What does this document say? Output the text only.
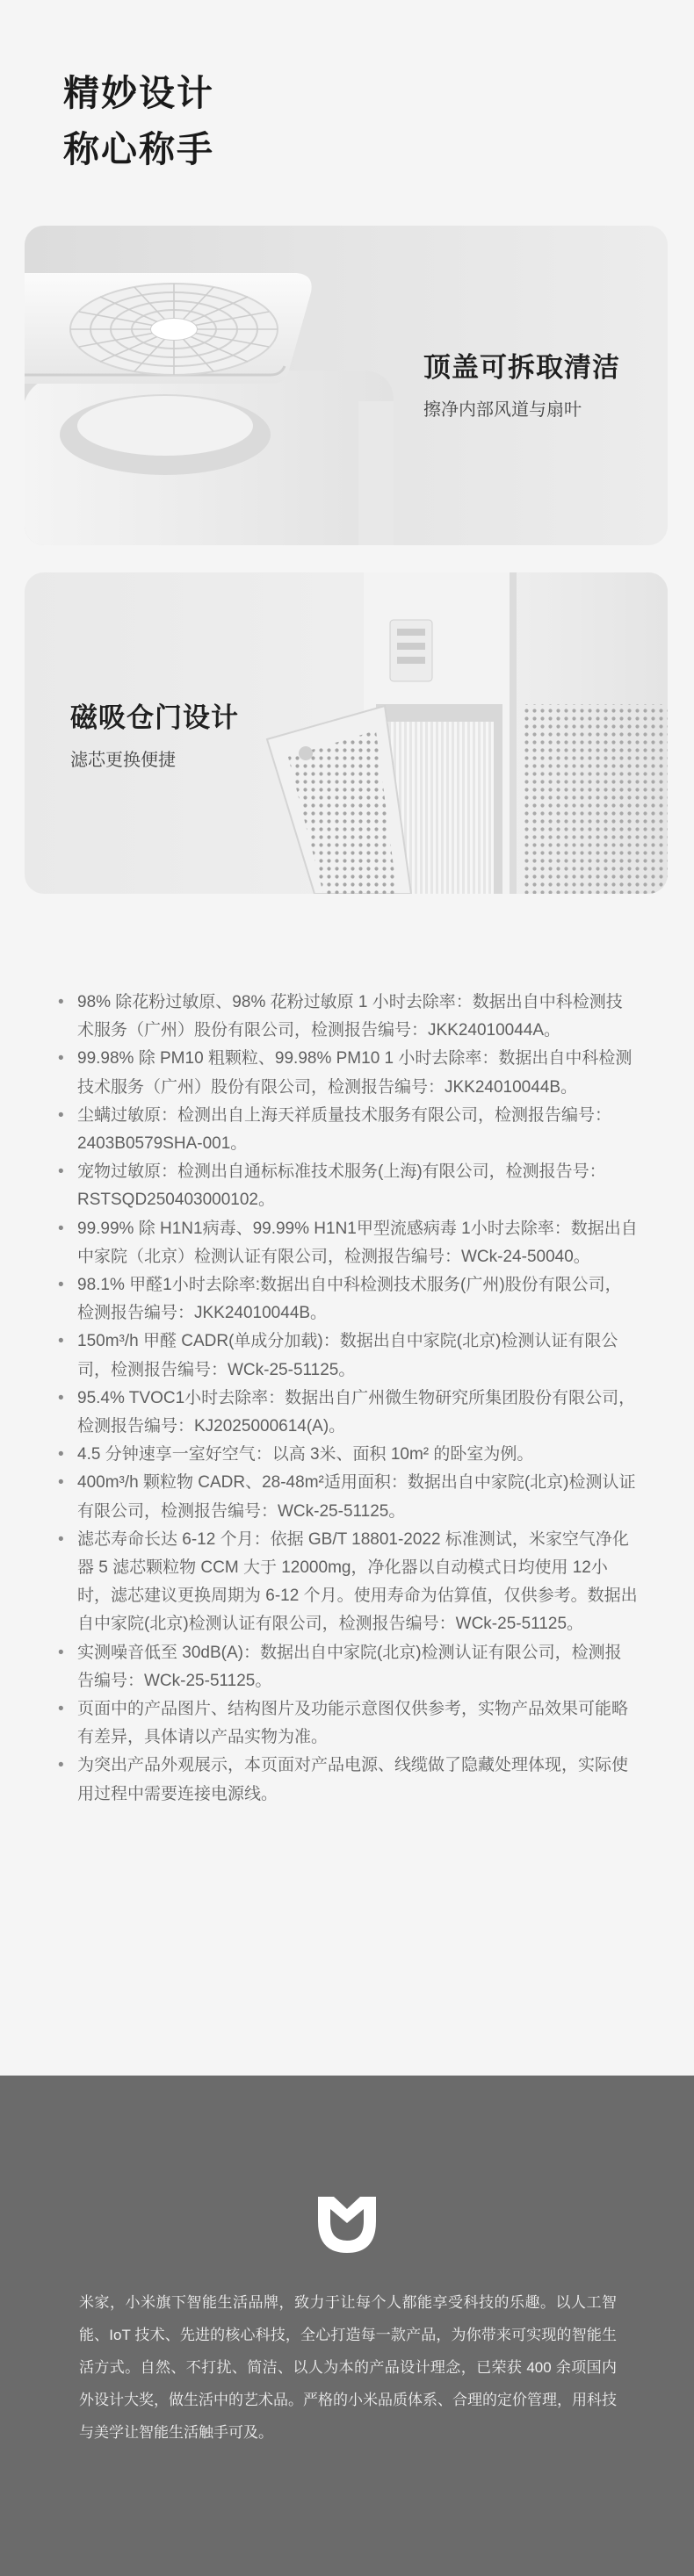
精妙设计
称心称手
顶盖可拆取清洁
擦净内部风道与扇叶
磁吸仓门设计
滤芯更换便捷
• 98% 除花粉过敏原、98% 花粉过敏原 1 小时去除率：数据出自中科检测技术服务（广州）股份有限公司，检测报告编号：JKK24010044A。
• 99.98% 除 PM10 粗颗粒、99.98% PM10 1 小时去除率：数据出自中科检测技术服务（广州）股份有限公司，检测报告编号：JKK24010044B。
• 尘螨过敏原：检测出自上海天祥质量技术服务有限公司，检测报告编号：2403B0579SHA-001。
• 宠物过敏原：检测出自通标标准技术服务(上海)有限公司，检测报告号：RSTSQD250403000102。
• 99.99% 除 H1N1病毒、99.99% H1N1甲型流感病毒 1小时去除率：数据出自中家院（北京）检测认证有限公司，检测报告编号：WCk-24-50040。
• 98.1% 甲醛1小时去除率:数据出自中科检测技术服务(广州)股份有限公司，检测报告编号：JKK24010044B。
• 150m³/h 甲醛 CADR(单成分加载)：数据出自中家院(北京)检测认证有限公司，检测报告编号：WCk-25-51125。
• 95.4% TVOC1小时去除率：数据出自广州微生物研究所集团股份有限公司，检测报告编号：KJ2025000614(A)。
• 4.5 分钟速享一室好空气：以高 3米、面积 10m² 的卧室为例。
• 400m³/h 颗粒物 CADR、28-48m²适用面积：数据出自中家院(北京)检测认证有限公司，检测报告编号：WCk-25-51125。
• 滤芯寿命长达 6-12 个月：依据 GB/T 18801-2022 标准测试，米家空气净化器 5 滤芯颗粒物 CCM 大于 12000mg，净化器以自动模式日均使用 12小时，滤芯建议更换周期为 6-12 个月。使用寿命为估算值，仅供参考。数据出自中家院(北京)检测认证有限公司，检测报告编号：WCk-25-51125。
• 实测噪音低至 30dB(A)：数据出自中家院(北京)检测认证有限公司，检测报告编号：WCk-25-51125。
• 页面中的产品图片、结构图片及功能示意图仅供参考，实物产品效果可能略有差异，具体请以产品实物为准。
• 为突出产品外观展示，本页面对产品电源、线缆做了隐藏处理体现，实际使用过程中需要连接电源线。
米家，小米旗下智能生活品牌，致力于让每个人都能享受科技的乐趣。以人工智能、IoT 技术、先进的核心科技，全心打造每一款产品，为你带来可实现的智能生活方式。自然、不打扰、简洁、以人为本的产品设计理念，已荣获 400 余项国内外设计大奖，做生活中的艺术品。严格的小米品质体系、合理的定价管理，用科技与美学让智能生活触手可及。
